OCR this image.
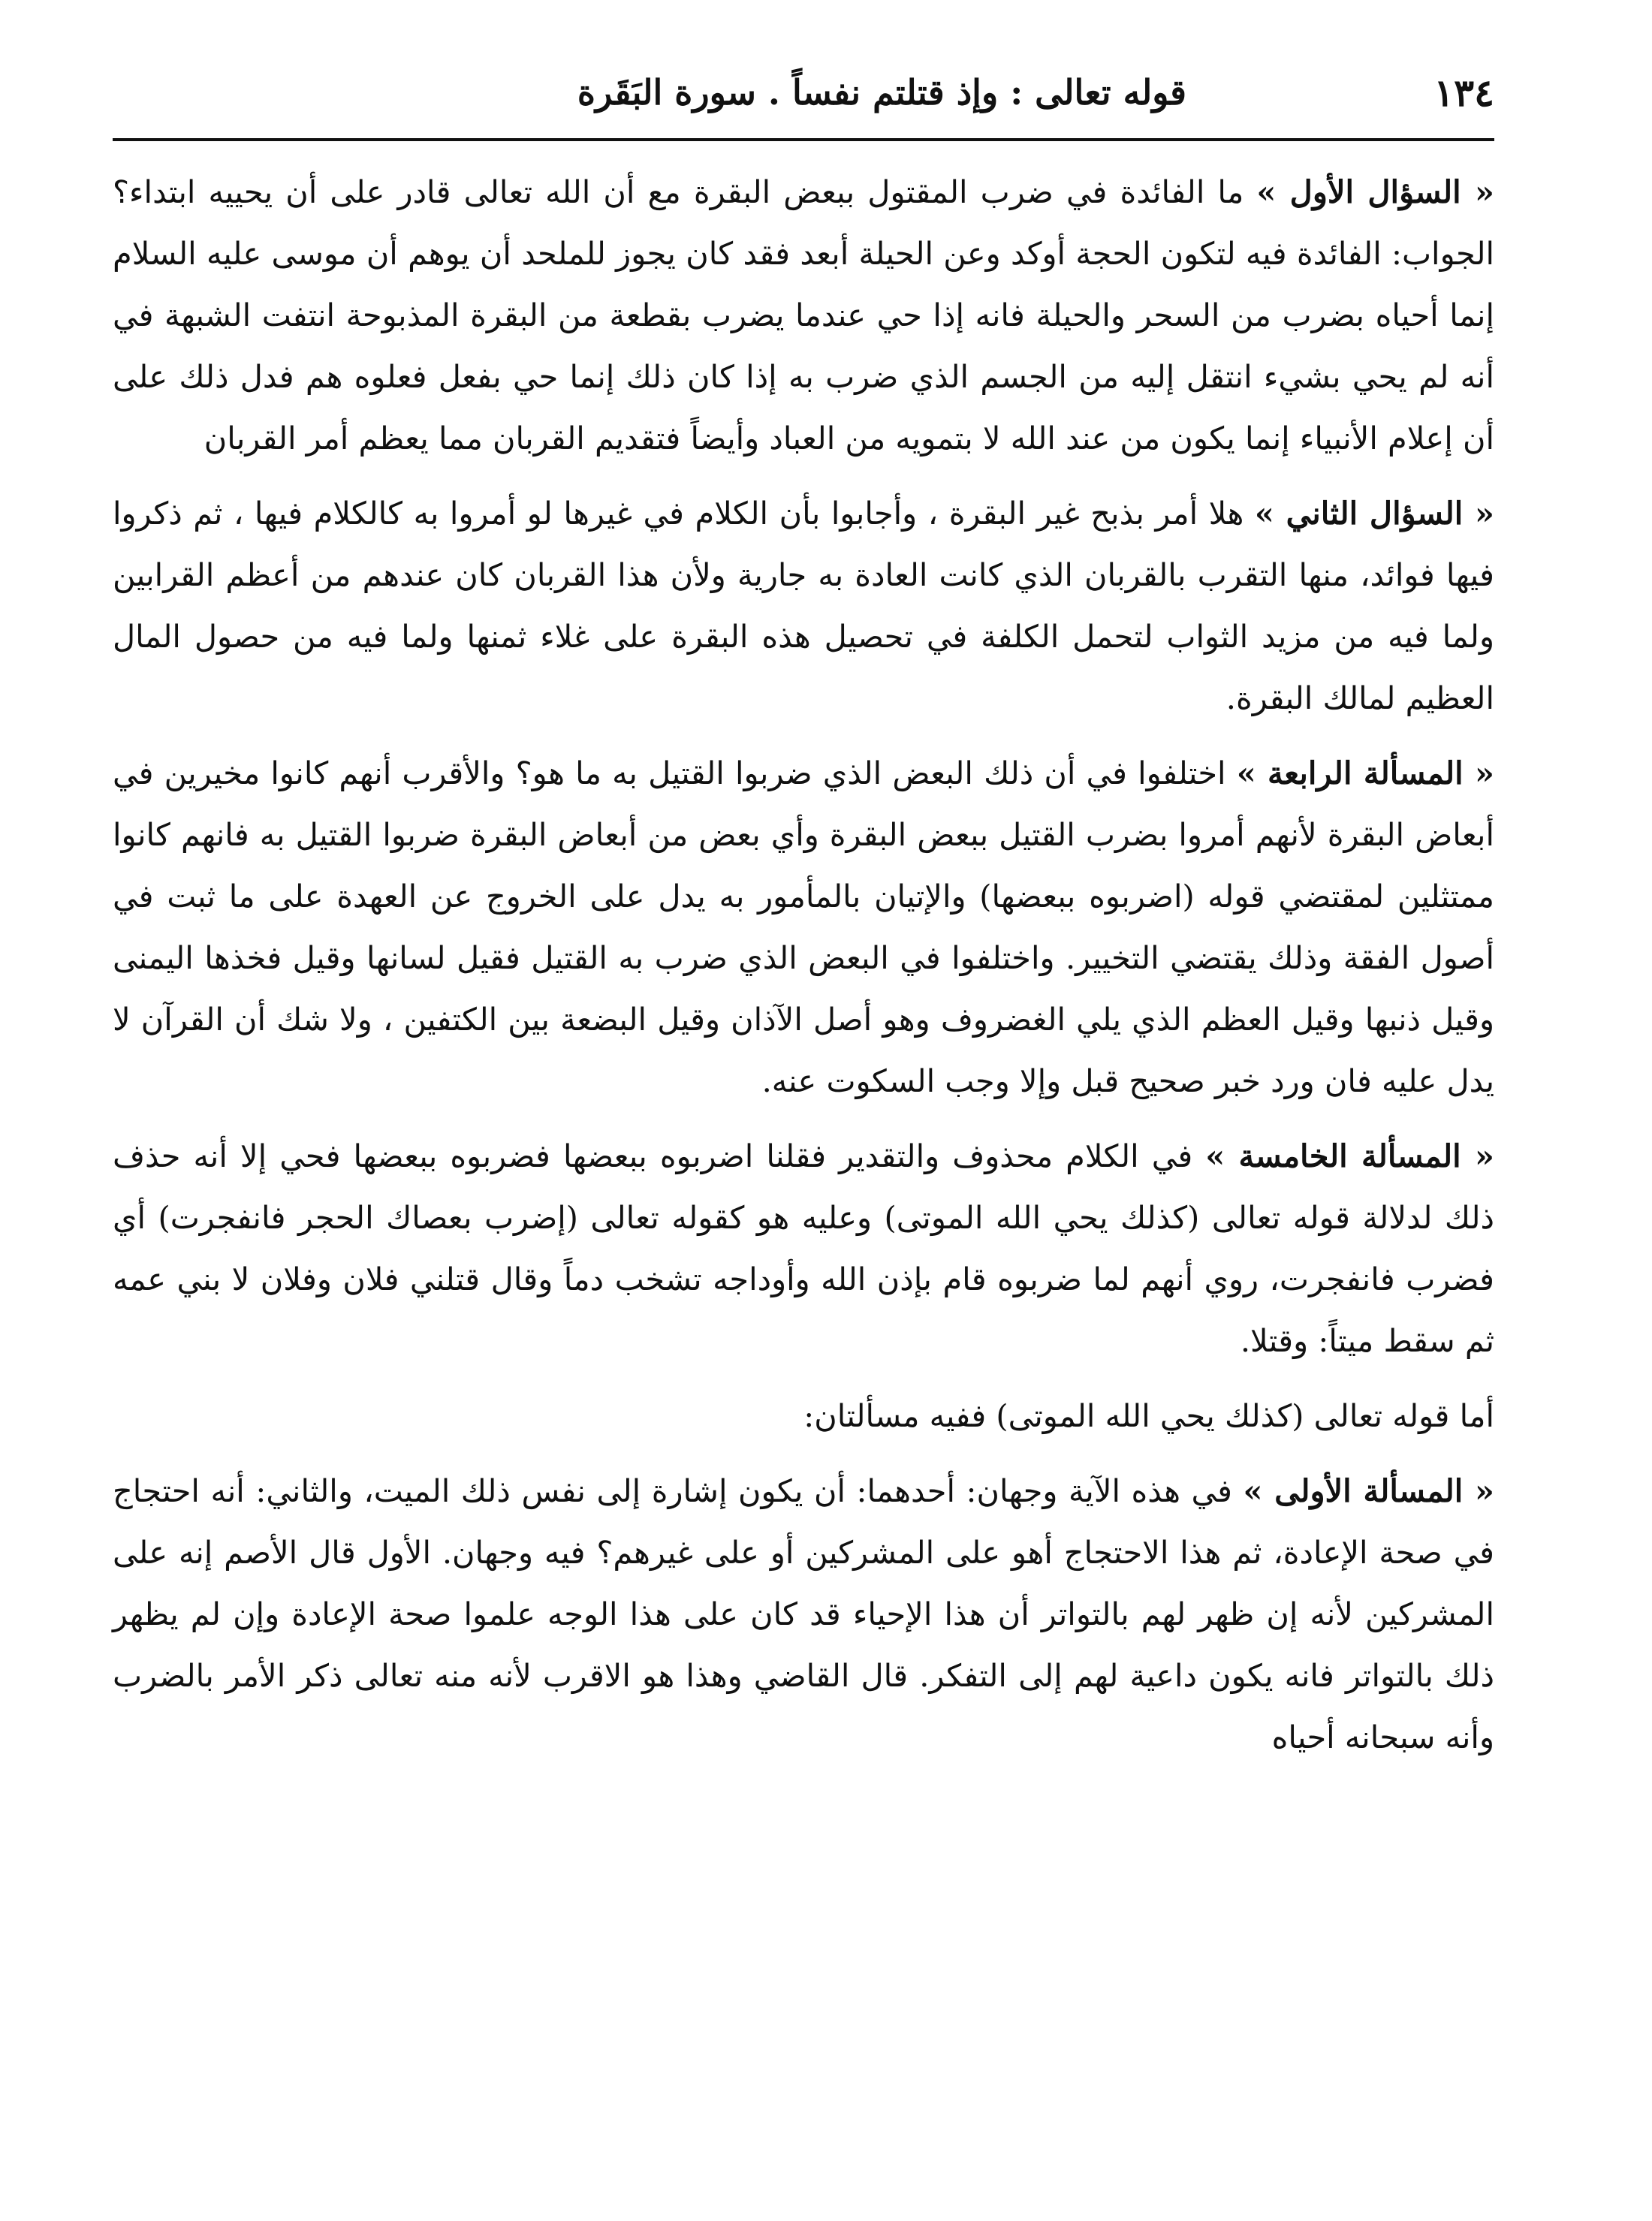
١٣٤
قوله تعالى : وإذ قتلتم نفساً . سورة البَقَرة

« السؤال الأول » ما الفائدة في ضرب المقتول ببعض البقرة مع أن الله تعالى قادر على أن يحييه ابتداء؟ الجواب: الفائدة فيه لتكون الحجة أوكد وعن الحيلة أبعد فقد كان يجوز للملحد أن يوهم أن موسى عليه السلام إنما أحياه بضرب من السحر والحيلة فانه إذا حي عندما يضرب بقطعة من البقرة المذبوحة انتفت الشبهة في أنه لم يحي بشيء انتقل إليه من الجسم الذي ضرب به إذا كان ذلك إنما حي بفعل فعلوه هم فدل ذلك على أن إعلام الأنبياء إنما يكون من عند الله لا بتمويه من العباد وأيضاً فتقديم القربان مما يعظم أمر القربان

« السؤال الثاني » هلا أمر بذبح غير البقرة ، وأجابوا بأن الكلام في غيرها لو أمروا به كالكلام فيها ، ثم ذكروا فيها فوائد، منها التقرب بالقربان الذي كانت العادة به جارية ولأن هذا القربان كان عندهم من أعظم القرابين ولما فيه من مزيد الثواب لتحمل الكلفة في تحصيل هذه البقرة على غلاء ثمنها ولما فيه من حصول المال العظيم لمالك البقرة.

« المسألة الرابعة » اختلفوا في أن ذلك البعض الذي ضربوا القتيل به ما هو؟ والأقرب أنهم كانوا مخيرين في أبعاض البقرة لأنهم أمروا بضرب القتيل ببعض البقرة وأي بعض من أبعاض البقرة ضربوا القتيل به فانهم كانوا ممتثلين لمقتضي قوله (اضربوه ببعضها) والإتيان بالمأمور به يدل على الخروج عن العهدة على ما ثبت في أصول الفقة وذلك يقتضي التخيير. واختلفوا في البعض الذي ضرب به القتيل فقيل لسانها وقيل فخذها اليمنى وقيل ذنبها وقيل العظم الذي يلي الغضروف وهو أصل الآذان وقيل البضعة بين الكتفين ، ولا شك أن القرآن لا يدل عليه فان ورد خبر صحيح قبل وإلا وجب السكوت عنه.

« المسألة الخامسة » في الكلام محذوف والتقدير فقلنا اضربوه ببعضها فضربوه ببعضها فحي إلا أنه حذف ذلك لدلالة قوله تعالى (كذلك يحي الله الموتى) وعليه هو كقوله تعالى (إضرب بعصاك الحجر فانفجرت) أي فضرب فانفجرت، روي أنهم لما ضربوه قام بإذن الله وأوداجه تشخب دماً وقال قتلني فلان وفلان لا بني عمه ثم سقط ميتاً: وقتلا.

أما قوله تعالى (كذلك يحي الله الموتى) ففيه مسألتان:

« المسألة الأولى » في هذه الآية وجهان: أحدهما: أن يكون إشارة إلى نفس ذلك الميت، والثاني: أنه احتجاج في صحة الإعادة، ثم هذا الاحتجاج أهو على المشركين أو على غيرهم؟ فيه وجهان. الأول قال الأصم إنه على المشركين لأنه إن ظهر لهم بالتواتر أن هذا الإحياء قد كان على هذا الوجه علموا صحة الإعادة وإن لم يظهر ذلك بالتواتر فانه يكون داعية لهم إلى التفكر. قال القاضي وهذا هو الاقرب لأنه منه تعالى ذكر الأمر بالضرب وأنه سبحانه أحياه
